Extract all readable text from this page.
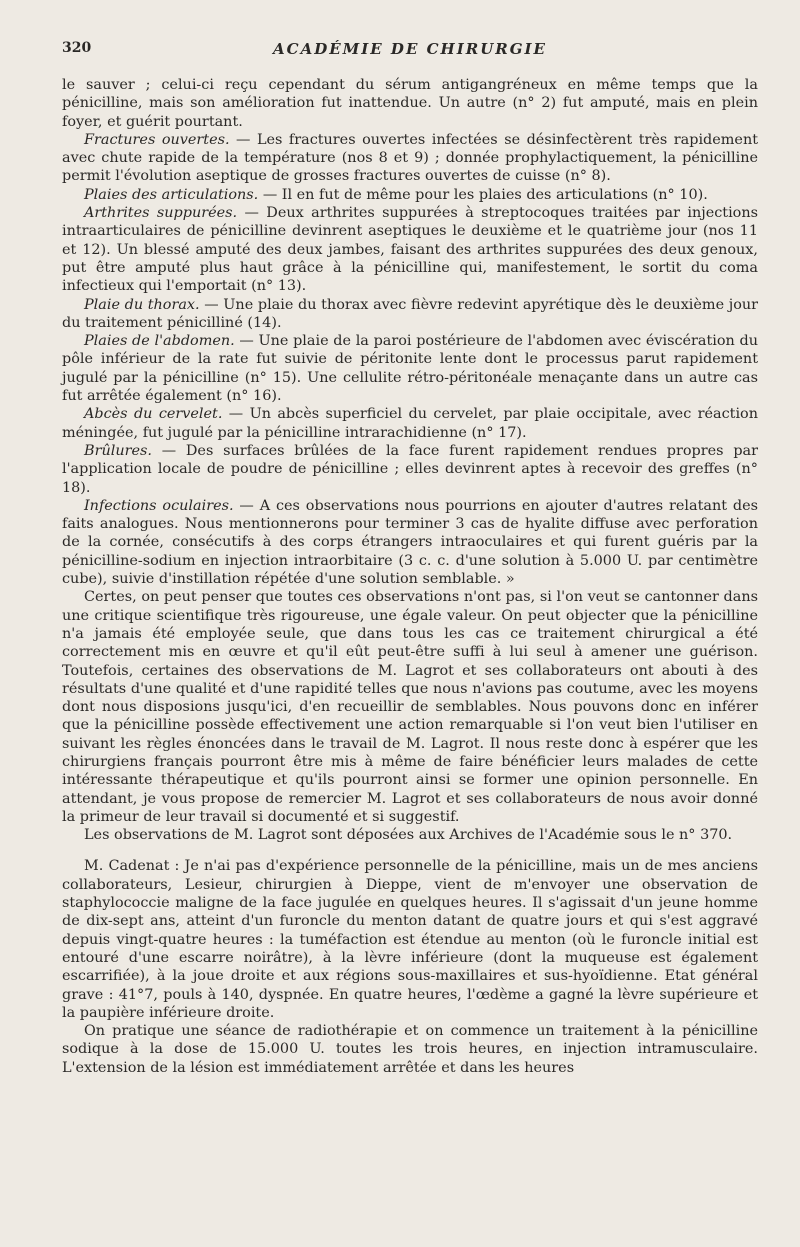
320	ACADÉMIE DE CHIRURGIE

le sauver ; celui-ci reçu cependant du sérum antigangréneux en même temps que la pénicilline, mais son amélioration fut inattendue. Un autre (n° 2) fut amputé, mais en plein foyer, et guérit pourtant.

Fractures ouvertes. — Les fractures ouvertes infectées se désinfectèrent très rapidement avec chute rapide de la température (nos 8 et 9) ; donnée prophylactiquement, la pénicilline permit l'évolution aseptique de grosses fractures ouvertes de cuisse (n° 8).

Plaies des articulations. — Il en fut de même pour les plaies des articulations (n° 10).

Arthrites suppurées. — Deux arthrites suppurées à streptocoques traitées par injections intraarticulaires de pénicilline devinrent aseptiques le deuxième et le quatrième jour (nos 11 et 12). Un blessé amputé des deux jambes, faisant des arthrites suppurées des deux genoux, put être amputé plus haut grâce à la pénicilline qui, manifestement, le sortit du coma infectieux qui l'emportait (n° 13).

Plaie du thorax. — Une plaie du thorax avec fièvre redevint apyrétique dès le deuxième jour du traitement pénicilliné (14).

Plaies de l'abdomen. — Une plaie de la paroi postérieure de l'abdomen avec éviscération du pôle inférieur de la rate fut suivie de péritonite lente dont le processus parut rapidement jugulé par la pénicilline (n° 15). Une cellulite rétro-péritonéale menaçante dans un autre cas fut arrêtée également (n° 16).

Abcès du cervelet. — Un abcès superficiel du cervelet, par plaie occipitale, avec réaction méningée, fut jugulé par la pénicilline intrarachidienne (n° 17).

Brûlures. — Des surfaces brûlées de la face furent rapidement rendues propres par l'application locale de poudre de pénicilline ; elles devinrent aptes à recevoir des greffes (n° 18).

Infections oculaires. — A ces observations nous pourrions en ajouter d'autres relatant des faits analogues. Nous mentionnerons pour terminer 3 cas de hyalite diffuse avec perforation de la cornée, consécutifs à des corps étrangers intraoculaires et qui furent guéris par la pénicilline-sodium en injection intraorbitaire (3 c. c. d'une solution à 5.000 U. par centimètre cube), suivie d'instillation répétée d'une solution semblable. »

Certes, on peut penser que toutes ces observations n'ont pas, si l'on veut se cantonner dans une critique scientifique très rigoureuse, une égale valeur. On peut objecter que la pénicilline n'a jamais été employée seule, que dans tous les cas ce traitement chirurgical a été correctement mis en œuvre et qu'il eût peut-être suffi à lui seul à amener une guérison. Toutefois, certaines des observations de M. Lagrot et ses collaborateurs ont abouti à des résultats d'une qualité et d'une rapidité telles que nous n'avions pas coutume, avec les moyens dont nous disposions jusqu'ici, d'en recueillir de semblables. Nous pouvons donc en inférer que la pénicilline possède effectivement une action remarquable si l'on veut bien l'utiliser en suivant les règles énoncées dans le travail de M. Lagrot. Il nous reste donc à espérer que les chirurgiens français pourront être mis à même de faire bénéficier leurs malades de cette intéressante thérapeutique et qu'ils pourront ainsi se former une opinion personnelle. En attendant, je vous propose de remercier M. Lagrot et ses collaborateurs de nous avoir donné la primeur de leur travail si documenté et si suggestif.

Les observations de M. Lagrot sont déposées aux Archives de l'Académie sous le n° 370.

M. Cadenat : Je n'ai pas d'expérience personnelle de la pénicilline, mais un de mes anciens collaborateurs, Lesieur, chirurgien à Dieppe, vient de m'envoyer une observation de staphylococcie maligne de la face jugulée en quelques heures. Il s'agissait d'un jeune homme de dix-sept ans, atteint d'un furoncle du menton datant de quatre jours et qui s'est aggravé depuis vingt-quatre heures : la tuméfaction est étendue au menton (où le furoncle initial est entouré d'une escarre noirâtre), à la lèvre inférieure (dont la muqueuse est également escarrifiée), à la joue droite et aux régions sous-maxillaires et sus-hyoïdienne. Etat général grave : 41°7, pouls à 140, dyspnée. En quatre heures, l'œdème a gagné la lèvre supérieure et la paupière inférieure droite.

On pratique une séance de radiothérapie et on commence un traitement à la pénicilline sodique à la dose de 15.000 U. toutes les trois heures, en injection intramusculaire. L'extension de la lésion est immédiatement arrêtée et dans les heures
